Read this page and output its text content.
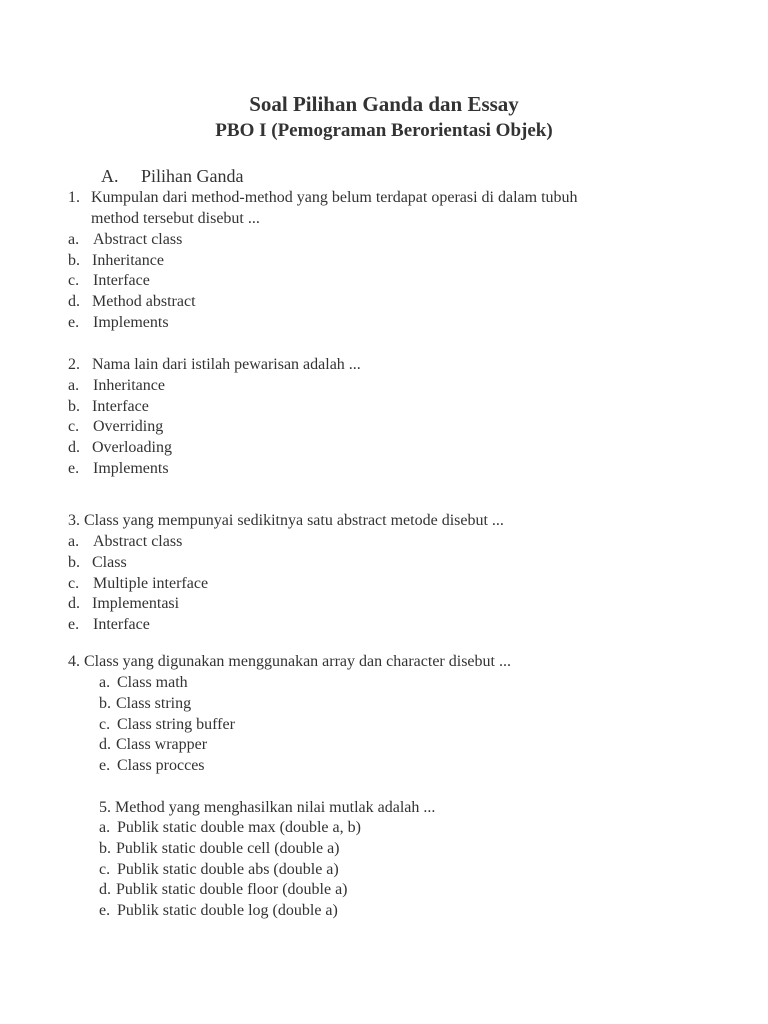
Soal Pilihan Ganda dan Essay
PBO I (Pemograman Berorientasi Objek)
A. Pilihan Ganda
1. Kumpulan dari method-method yang belum terdapat operasi di dalam tubuh
method tersebut disebut ...
a. Abstract class
b. Inheritance
c. Interface
d. Method abstract
e. Implements
2. Nama lain dari istilah pewarisan adalah ...
a. Inheritance
b. Interface
c. Overriding
d. Overloading
e. Implements
3. Class yang mempunyai sedikitnya satu abstract metode disebut ...
a. Abstract class
b. Class
c. Multiple interface
d. Implementasi
e. Interface
4. Class yang digunakan menggunakan array dan character disebut ...
a. Class math
b. Class string
c. Class string buffer
d. Class wrapper
e. Class procces
5. Method yang menghasilkan nilai mutlak adalah ...
a. Publik static double max (double a, b)
b. Publik static double cell (double a)
c. Publik static double abs (double a)
d. Publik static double floor (double a)
e. Publik static double log (double a)
